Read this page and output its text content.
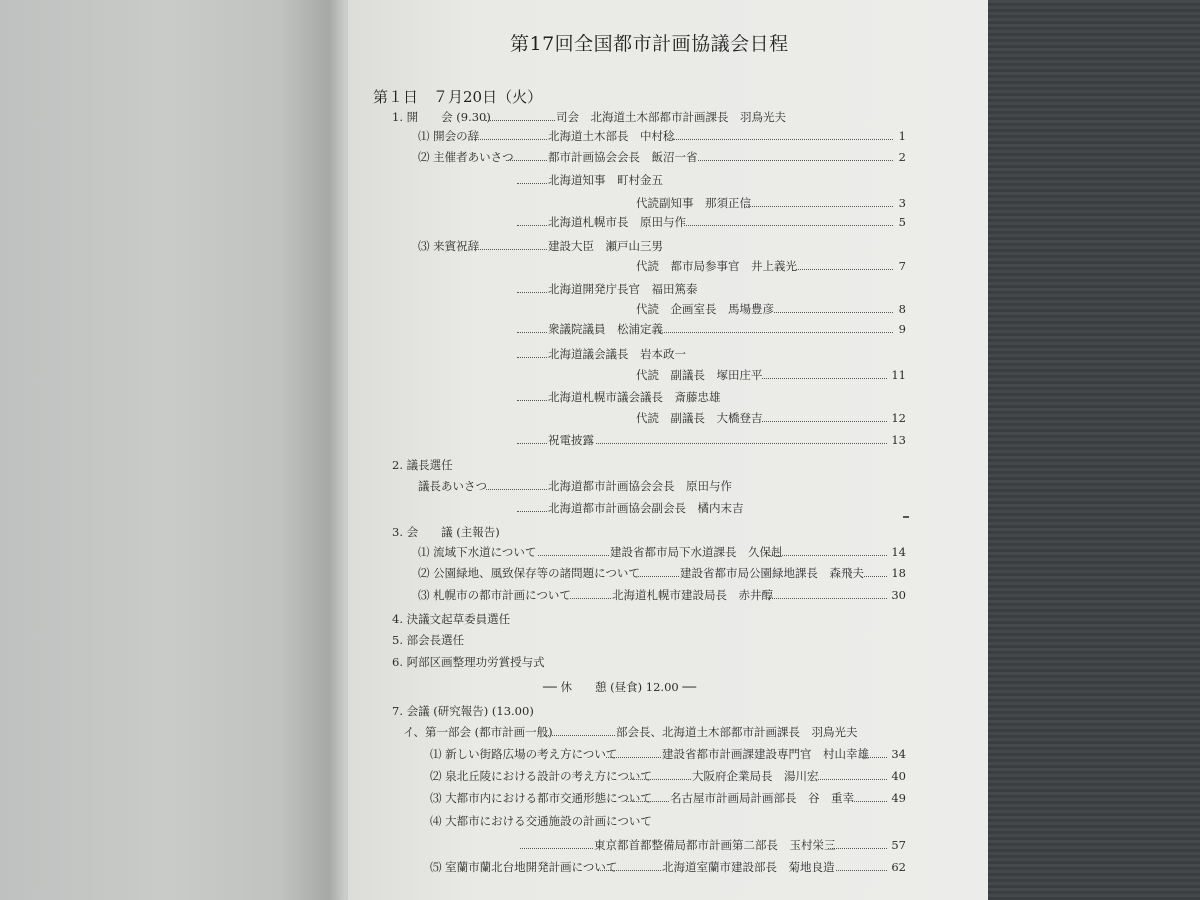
第17回全国都市計画協議会日程
第１日　７月20日（火）
1. 開　　会 (9.30)	司会　北海道土木部都市計画課長　羽鳥光夫
⑴ 開会の辞	北海道土木部長　中村稔	1
⑵ 主催者あいさつ	都市計画協会会長　飯沼一省	2
北海道知事　町村金五
代読副知事　那須正信	3
北海道札幌市長　原田与作	5
⑶ 来賓祝辞	建設大臣　瀬戸山三男
代読　都市局参事官　井上義光	7
北海道開発庁長官　福田篤泰
代読　企画室長　馬場豊彦	8
衆議院議員　松浦定義	9
北海道議会議長　岩本政一
代読　副議長　塚田庄平	11
北海道札幌市議会議長　斎藤忠雄
代読　副議長　大橋登吉	12
祝電披露	13
2. 議長選任
議長あいさつ	北海道都市計画協会会長　原田与作
北海道都市計画協会副会長　橘内末吉
3. 会　　議 (主報告)
⑴ 流域下水道について	建設省都市局下水道課長　久保赳	14
⑵ 公園緑地、風致保存等の諸問題について	建設省都市局公園緑地課長　森飛夫	18
⑶ 札幌市の都市計画について	北海道札幌市建設局長　赤井醇	30
4. 決議文起草委員選任
5. 部会長選任
6. 阿部区画整理功労賞授与式
── 休　　憩 (昼食) 12.00 ──
7. 会議 (研究報告) (13.00)
イ、第一部会 (都市計画一般)	部会長、北海道土木部都市計画課長　羽鳥光夫
⑴ 新しい街路広場の考え方について	建設省都市計画課建設専門官　村山幸雄	34
⑵ 泉北丘陵における設計の考え方について	大阪府企業局長　湯川宏	40
⑶ 大都市内における都市交通形態について 名古屋市計画局計画部長　谷　重幸	49
⑷ 大都市における交通施設の計画について
東京都首都整備局都市計画第二部長　玉村栄三	57
⑸ 室蘭市蘭北台地開発計画について	北海道室蘭市建設部長　菊地良造	62
